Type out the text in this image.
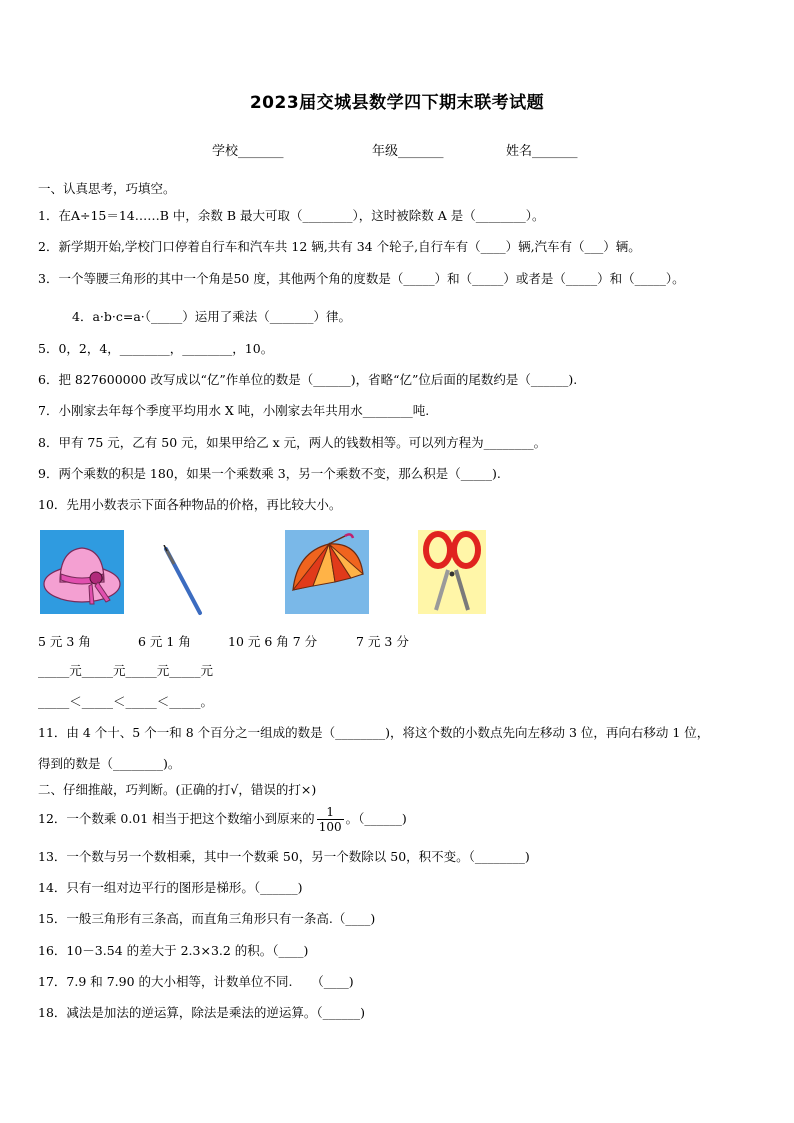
2023届交城县数学四下期末联考试题
学校_______	年级_______	姓名_______
一、认真思考，巧填空。
1．在A÷15＝14……B 中，余数 B 最大可取（________），这时被除数 A 是（________）。
2．新学期开始,学校门口停着自行车和汽车共 12 辆,共有 34 个轮子,自行车有（____）辆,汽车有（___）辆。
3．一个等腰三角形的其中一个角是50 度，其他两个角的度数是（_____）和（_____）或者是（_____）和（_____）。
4．a·b·c=a·（_____）运用了乘法（_______）律。
5．0，2，4，________，________，10。
6．把 827600000 改写成以“亿”作单位的数是（______)，省略“亿”位后面的尾数约是（______).
7．小刚家去年每个季度平均用水 X 吨，小刚家去年共用水________吨.
8．甲有 75 元，乙有 50 元，如果甲给乙 x 元，两人的钱数相等。可以列方程为________。
9．两个乘数的积是 180，如果一个乘数乘 3，另一个乘数不变，那么积是（_____).
10．先用小数表示下面各种物品的价格，再比较大小。
5 元 3 角	6 元 1 角	10 元 6 角 7 分	7 元 3 分
_____元_____元_____元_____元
_____＜_____＜_____＜_____。
11．由 4 个十、5 个一和 8 个百分之一组成的数是（________)，将这个数的小数点先向左移动 3 位，再向右移动 1 位，
得到的数是（________)。
二、仔细推敲，巧判断。(正确的打√，错误的打×)
12．一个数乘 0.01 相当于把这个数缩小到原来的 $\frac{1}{100}$ 。（______)
13．一个数与另一个数相乘，其中一个数乘 50，另一个数除以 50，积不变。（________)
14．只有一组对边平行的图形是梯形。（______)
15．一般三角形有三条高，而直角三角形只有一条高.（____)
16．10－3.54 的差大于 2.3×3.2 的积。（____)
17．7.9 和 7.90 的大小相等，计数单位不同.　　（____)
18．减法是加法的逆运算，除法是乘法的逆运算。（______)
